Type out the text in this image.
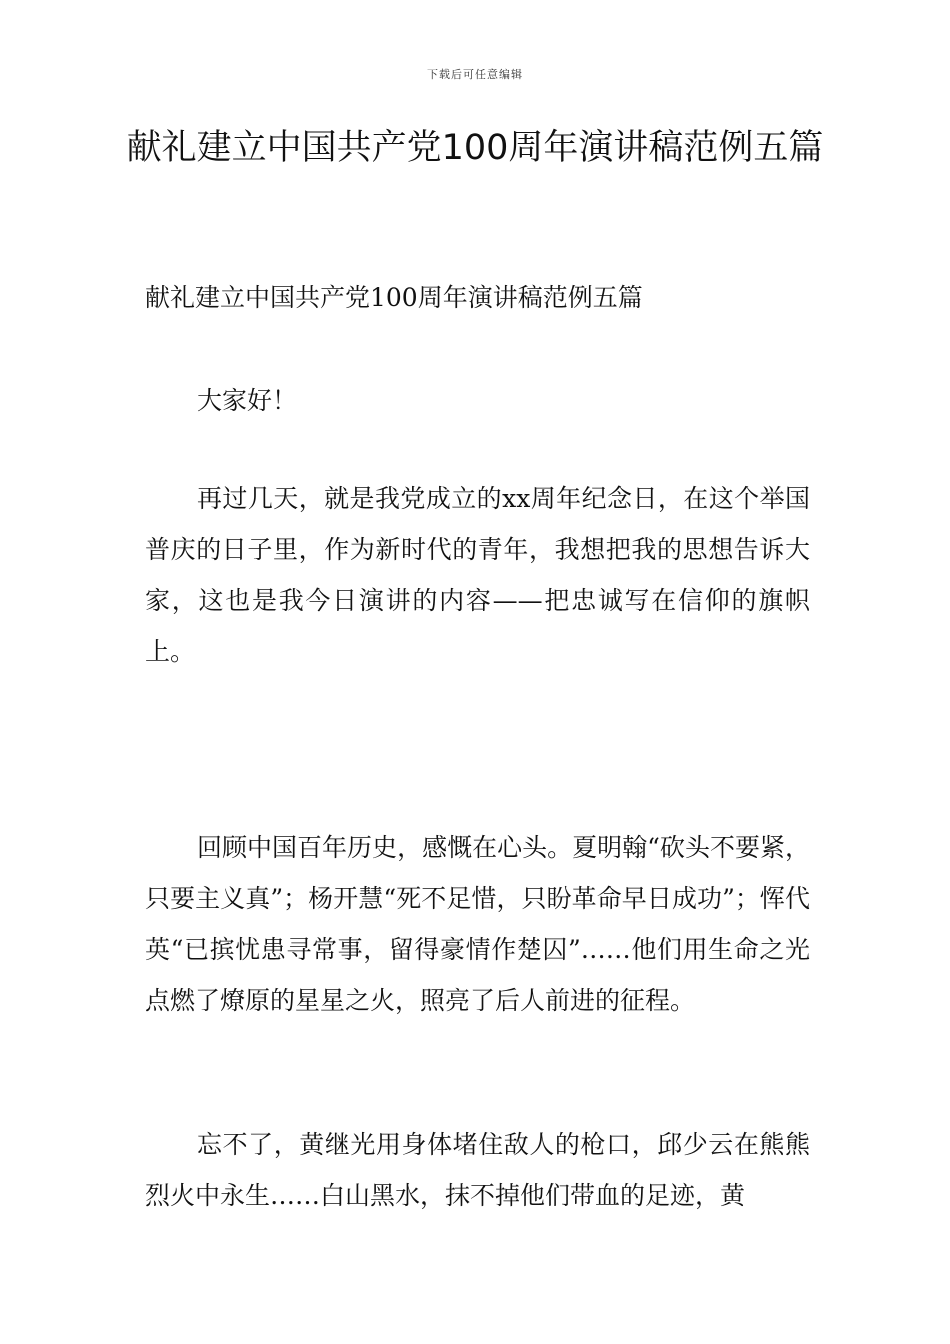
下载后可任意编辑
献礼建立中国共产党100周年演讲稿范例五篇

献礼建立中国共产党100周年演讲稿范例五篇

大家好！

再过几天，就是我党成立的xx周年纪念日，在这个举国普庆的日子里，作为新时代的青年，我想把我的思想告诉大家，这也是我今日演讲的内容——把忠诚写在信仰的旗帜上。

回顾中国百年历史，感慨在心头。夏明翰“砍头不要紧，只要主义真”；杨开慧“死不足惜，只盼革命早日成功”；恽代英“已摈忧患寻常事，留得豪情作楚囚”……他们用生命之光点燃了燎原的星星之火，照亮了后人前进的征程。

忘不了，黄继光用身体堵住敌人的枪口，邱少云在熊熊烈火中永生……白山黑水，抹不掉他们带血的足迹，黄
